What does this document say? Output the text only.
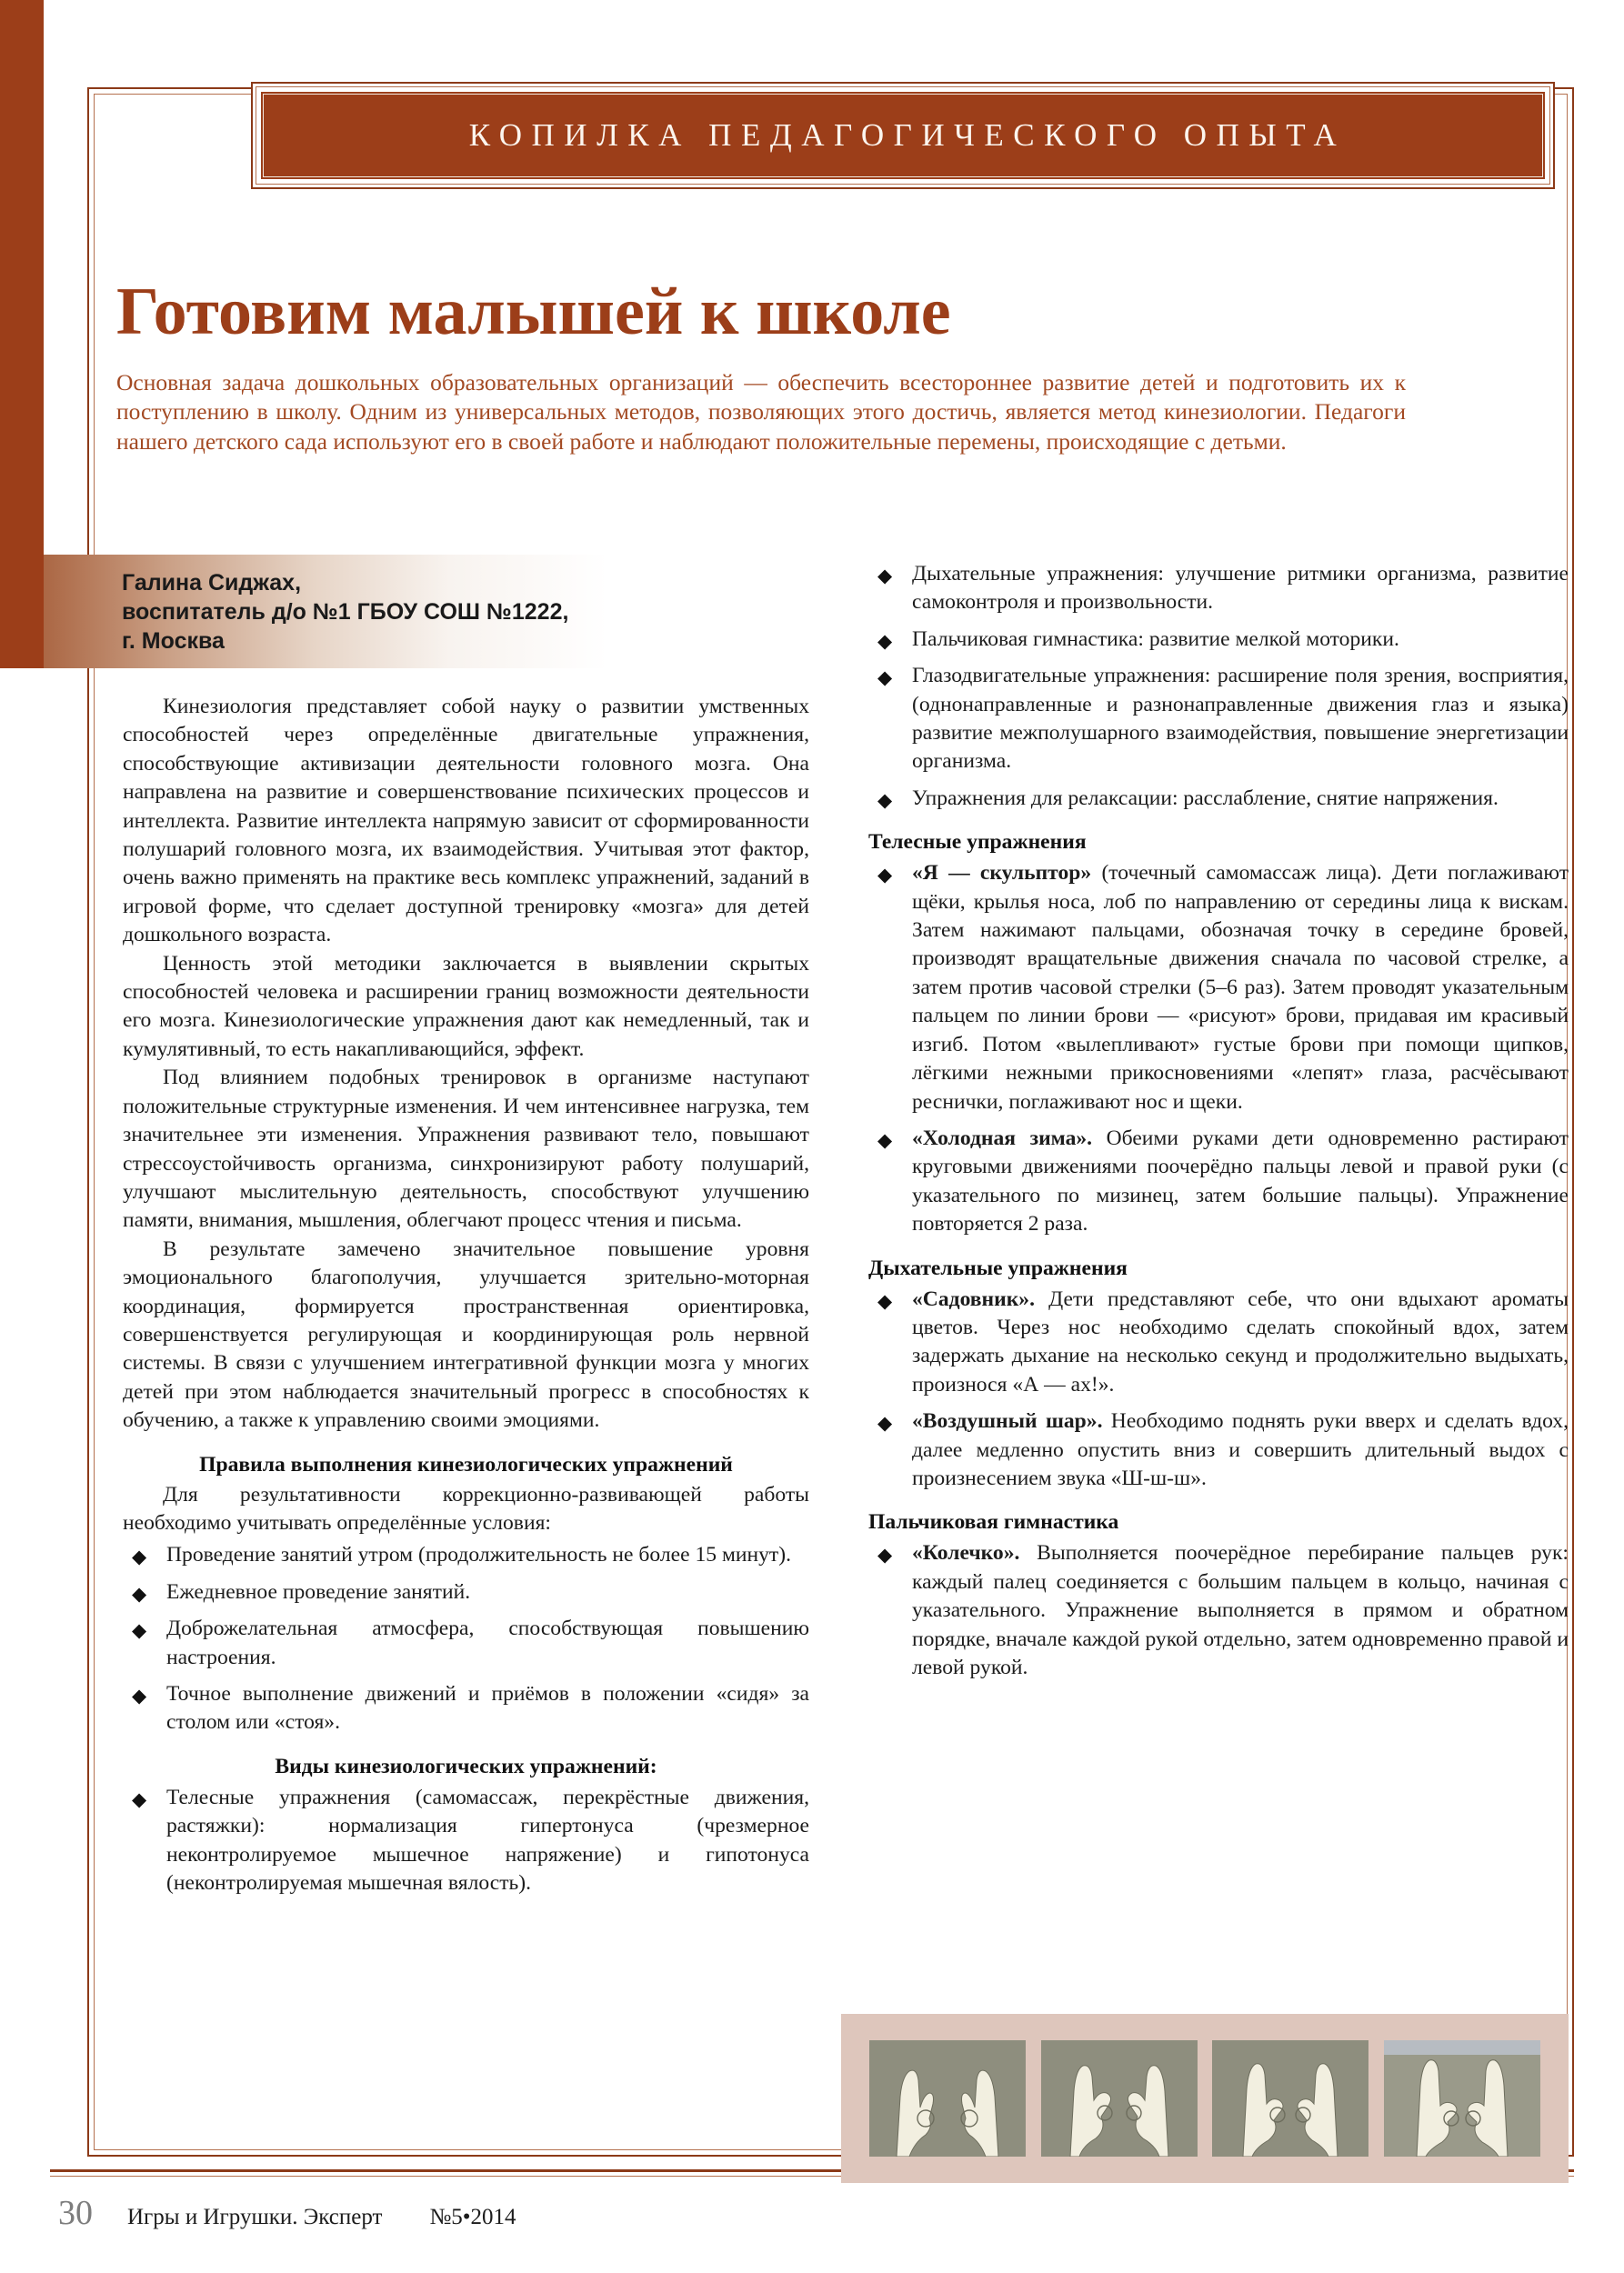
КОПИЛКА ПЕДАГОГИЧЕСКОГО ОПЫТА
Готовим малышей к школе

Основная задача дошкольных образовательных организаций — обеспечить всестороннее развитие детей и подготовить их к поступлению в школу. Одним из универсальных методов, позволяющих этого достичь, является метод кинезиологии. Педагоги нашего детского сада используют его в своей работе и наблюдают положительные перемены, происходящие с детьми.

Галина Сиджах,
воспитатель д/о №1 ГБОУ СОШ №1222,
г. Москва

Кинезиология представляет собой науку о развитии умственных способностей через определённые двигательные упражнения, способствующие активизации деятельности головного мозга. Она направлена на развитие и совершенствование психических процессов и интеллекта. Развитие интеллекта напрямую зависит от сформированности полушарий головного мозга, их взаимодействия. Учитывая этот фактор, очень важно применять на практике весь комплекс упражнений, заданий в игровой форме, что сделает доступной тренировку «мозга» для детей дошкольного возраста.

Ценность этой методики заключается в выявлении скрытых способностей человека и расширении границ возможности деятельности его мозга. Кинезиологические упражнения дают как немедленный, так и кумулятивный, то есть накапливающийся, эффект.

Под влиянием подобных тренировок в организме наступают положительные структурные изменения. И чем интенсивнее нагрузка, тем значительнее эти изменения. Упражнения развивают тело, повышают стрессоустойчивость организма, синхронизируют работу полушарий, улучшают мыслительную деятельность, способствуют улучшению памяти, внимания, мышления, облегчают процесс чтения и письма.

В результате замечено значительное повышение уровня эмоционального благополучия, улучшается зрительно-моторная координация, формируется пространственная ориентировка, совершенствуется регулирующая и координирующая роль нервной системы. В связи с улучшением интегративной функции мозга у многих детей при этом наблюдается значительный прогресс в способностях к обучению, а также к управлению своими эмоциями.

Правила выполнения кинезиологических упражнений

Для результативности коррекционно-развивающей работы необходимо учитывать определённые условия:

◆ Проведение занятий утром (продолжительность не более 15 минут).
◆ Ежедневное проведение занятий.
◆ Доброжелательная атмосфера, способствующая повышению настроения.
◆ Точное выполнение движений и приёмов в положении «сидя» за столом или «стоя».
Виды кинезиологических упражнений:
◆ Телесные упражнения (самомассаж, перекрёстные движения, растяжки): нормализация гипертонуса (чрезмерное неконтролируемое мышечное напряжение) и гипотонуса (неконтролируемая мышечная вялость).
◆ Дыхательные упражнения: улучшение ритмики организма, развитие самоконтроля и произвольности.
◆ Пальчиковая гимнастика: развитие мелкой моторики.
◆ Глазодвигательные упражнения: расширение поля зрения, восприятия, (однонаправленные и разнонаправленные движения глаз и языка) развитие межполушарного взаимодействия, повышение энергетизации организма.
◆ Упражнения для релаксации: расслабление, снятие напряжения.
Телесные упражнения
◆ «Я — скульптор» (точечный самомассаж лица). Дети поглаживают щёки, крылья носа, лоб по направлению от середины лица к вискам. Затем нажимают пальцами, обозначая точку в середине бровей, производят вращательные движения сначала по часовой стрелке, а затем против часовой стрелки (5–6 раз). Затем проводят указательным пальцем по линии брови — «рисуют» брови, придавая им красивый изгиб. Потом «вылепливают» густые брови при помощи щипков, лёгкими нежными прикосновениями «лепят» глаза, расчёсывают реснички, поглаживают нос и щеки.
◆ «Холодная зима». Обеими руками дети одновременно растирают круговыми движениями поочерёдно пальцы левой и правой руки (с указательного по мизинец, затем большие пальцы). Упражнение повторяется 2 раза.
Дыхательные упражнения
◆ «Садовник». Дети представляют себе, что они вдыхают ароматы цветов. Через нос необходимо сделать спокойный вдох, затем задержать дыхание на несколько секунд и продолжительно выдыхать, произнося «А — ах!».
◆ «Воздушный шар». Необходимо поднять руки вверх и сделать вдох, далее медленно опустить вниз и совершить длительный выдох с произнесением звука «Ш-ш-ш».
Пальчиковая гимнастика
◆ «Колечко». Выполняется поочерёдное перебирание пальцев рук: каждый палец соединяется с большим пальцем в кольцо, начиная с указательного. Упражнение выполняется в прямом и обратном порядке, вначале каждой рукой отдельно, затем одновременно правой и левой рукой.
30 Игры и Игрушки. Эксперт №5•2014
